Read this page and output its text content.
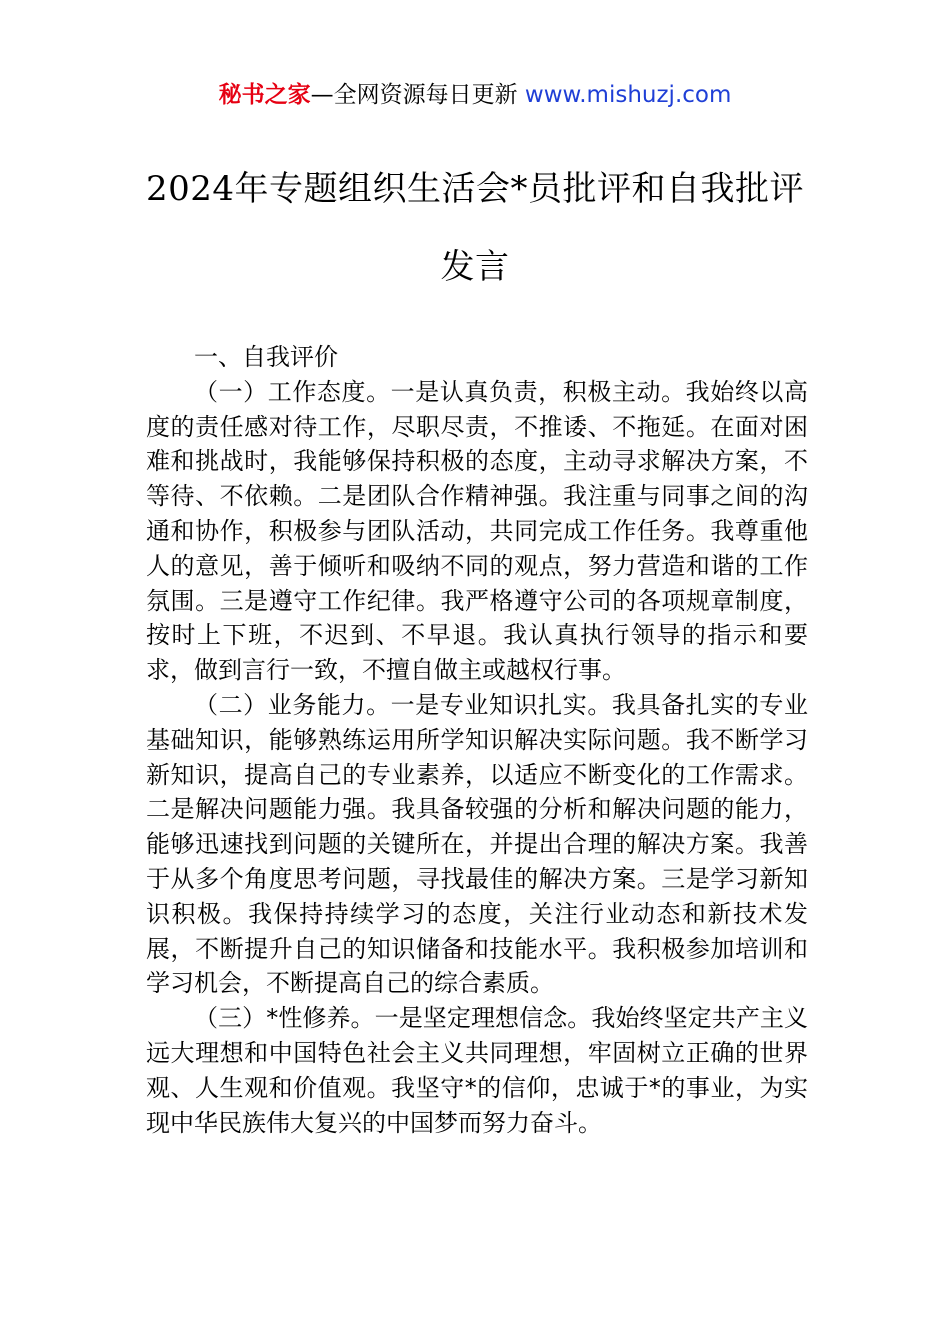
秘书之家—全网资源每日更新 www.mishuzj.com
2024年专题组织生活会*员批评和自我批评
发言

一、自我评价

（一）工作态度。一是认真负责，积极主动。我始终以高度的责任感对待工作，尽职尽责，不推诿、不拖延。在面对困难和挑战时，我能够保持积极的态度，主动寻求解决方案，不等待、不依赖。二是团队合作精神强。我注重与同事之间的沟通和协作，积极参与团队活动，共同完成工作任务。我尊重他人的意见，善于倾听和吸纳不同的观点，努力营造和谐的工作氛围。三是遵守工作纪律。我严格遵守公司的各项规章制度，按时上下班，不迟到、不早退。我认真执行领导的指示和要求，做到言行一致，不擅自做主或越权行事。

（二）业务能力。一是专业知识扎实。我具备扎实的专业基础知识，能够熟练运用所学知识解决实际问题。我不断学习新知识，提高自己的专业素养，以适应不断变化的工作需求。二是解决问题能力强。我具备较强的分析和解决问题的能力，能够迅速找到问题的关键所在，并提出合理的解决方案。我善于从多个角度思考问题，寻找最佳的解决方案。三是学习新知识积极。我保持持续学习的态度，关注行业动态和新技术发展，不断提升自己的知识储备和技能水平。我积极参加培训和学习机会，不断提高自己的综合素质。

（三）*性修养。一是坚定理想信念。我始终坚定共产主义远大理想和中国特色社会主义共同理想，牢固树立正确的世界观、人生观和价值观。我坚守*的信仰，忠诚于*的事业，为实现中华民族伟大复兴的中国梦而努力奋斗。
